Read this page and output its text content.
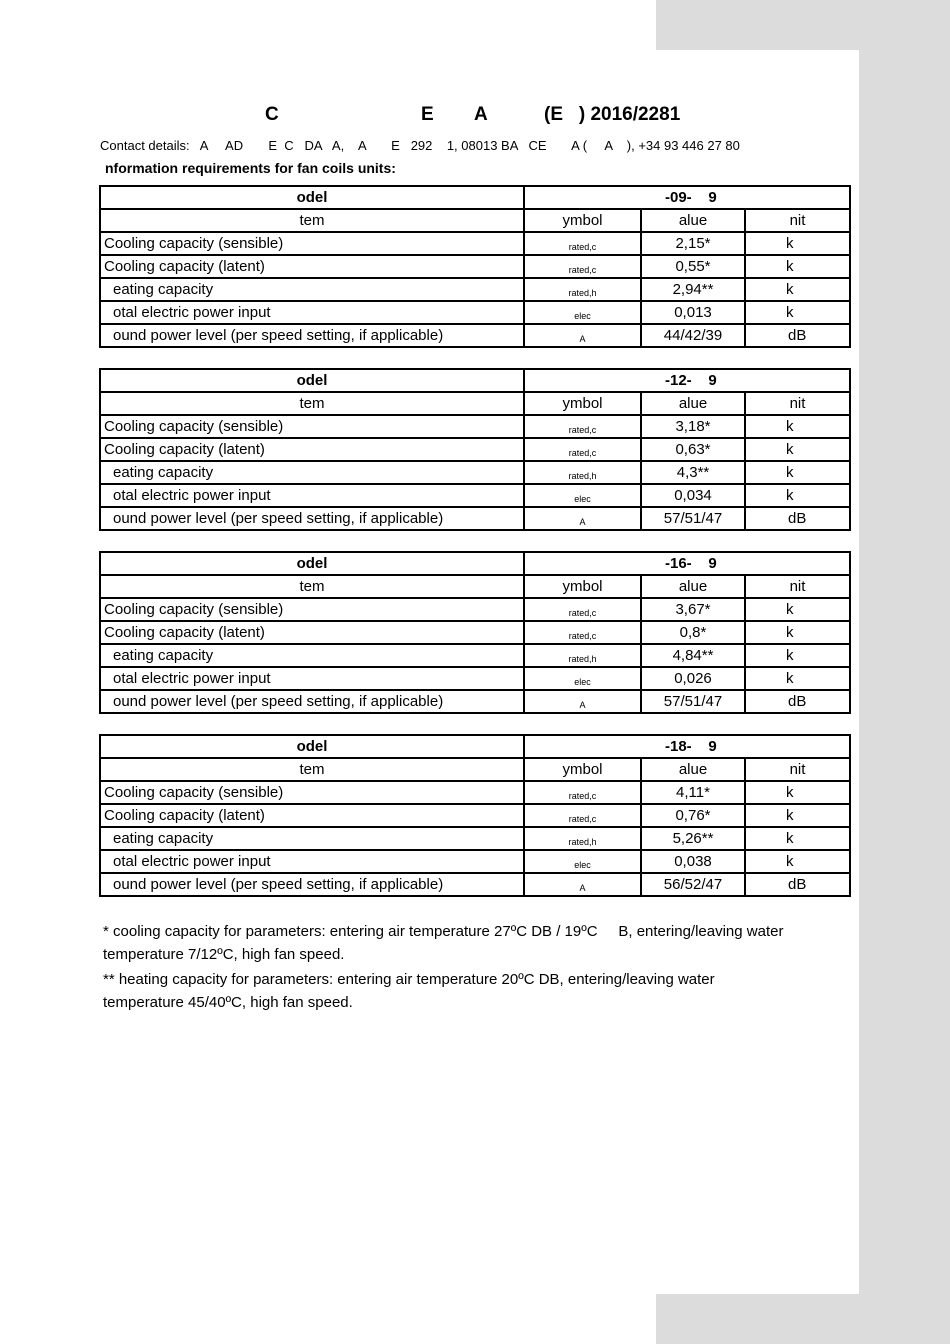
C

	E

A

	(E   ) 2016/2281

Contact details:   A     AD       E  C   DA   A,    A       E   292    1, 08013 BA   CE       A (     A    ), +34 93 446 27 80
nformation requirements for fan coils units:
odel	-09-    9		
tem	ymbol	alue	nit
Cooling capacity (sensible)	rated,c	2,15*	k
Cooling capacity (latent)	rated,c	0,55*	k
eating capacity	rated,h	2,94**	k
otal electric power input	elec	0,013	k
ound power level (per speed setting, if applicable)	A	44/42/39	dB
odel	-12-    9		
tem	ymbol	alue	nit
Cooling capacity (sensible)	rated,c	3,18*	k
Cooling capacity (latent)	rated,c	0,63*	k
eating capacity	rated,h	4,3**	k
otal electric power input	elec	0,034	k
ound power level (per speed setting, if applicable)	A	57/51/47	dB
odel	-16-    9		
tem	ymbol	alue	nit
Cooling capacity (sensible)	rated,c	3,67*	k
Cooling capacity (latent)	rated,c	0,8*	k
eating capacity	rated,h	4,84**	k
otal electric power input	elec	0,026	k
ound power level (per speed setting, if applicable)	A	57/51/47	dB
odel	-18-    9		
tem	ymbol	alue	nit
Cooling capacity (sensible)	rated,c	4,11*	k
Cooling capacity (latent)	rated,c	0,76*	k
eating capacity	rated,h	5,26**	k
otal electric power input	elec	0,038	k
ound power level (per speed setting, if applicable)	A	56/52/47	dB
* cooling capacity for parameters: entering air temperature 27ºC DB / 19ºC     B, entering/leaving water
temperature 7/12ºC, high fan speed.
** heating capacity for parameters: entering air temperature 20ºC DB, entering/leaving water
temperature 45/40ºC, high fan speed.
